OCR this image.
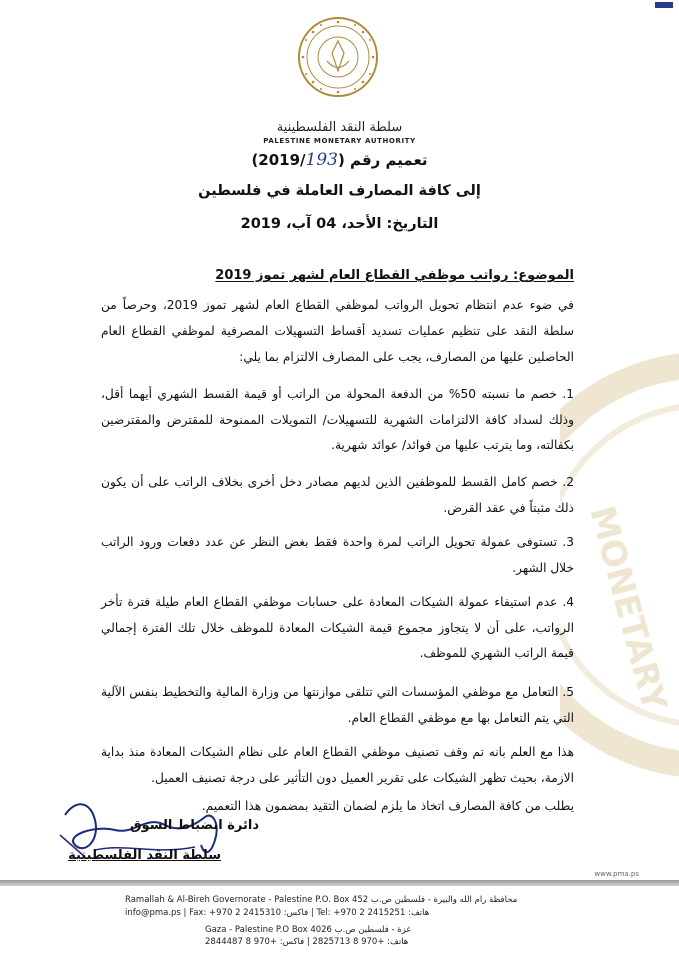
MONETARY
سلطة النقد الفلسطينية
PALESTINE MONETARY AUTHORITY
تعميم رقم (2019/193)
إلى كافة المصارف العاملة في فلسطين
التاريخ: الأحد، 04 آب، 2019
الموضوع: رواتب موظفي القطاع العام لشهر تموز 2019
في ضوء عدم انتظام تحويل الرواتب لموظفي القطاع العام لشهر تموز 2019، وحرصاً من سلطة النقد على تنظيم عمليات تسديد أقساط التسهيلات المصرفية لموظفي القطاع العام الحاصلين عليها من المصارف، يجب على المصارف الالتزام بما يلي:
1. خصم ما نسبته 50% من الدفعة المحولة من الراتب أو قيمة القسط الشهري أيهما أقل، وذلك لسداد كافة الالتزامات الشهرية للتسهيلات/ التمويلات الممنوحة للمقترض والمقترضين بكفالته، وما يترتب عليها من فوائد/ عوائد شهرية.
2. خصم كامل القسط للموظفين الذين لديهم مصادر دخل أخرى بخلاف الراتب على أن يكون ذلك مثبتاً في عقد القرض.
3. تستوفى عمولة تحويل الراتب لمرة واحدة فقط بغض النظر عن عدد دفعات ورود الراتب خلال الشهر.
4. عدم استيفاء عمولة الشيكات المعادة على حسابات موظفي القطاع العام طيلة فترة تأخر الرواتب، على أن لا يتجاوز مجموع قيمة الشيكات المعادة للموظف خلال تلك الفترة إجمالي قيمة الراتب الشهري للموظف.
5. التعامل مع موظفي المؤسسات التي تتلقى موازنتها من وزارة المالية والتخطيط بنفس الآلية التي يتم التعامل بها مع موظفي القطاع العام.
هذا مع العلم بانه تم وقف تصنيف موظفي القطاع العام على نظام الشيكات المعادة منذ بداية الازمة، بحيث تظهر الشيكات على تقرير العميل دون التأثير على درجة تصنيف العميل.
يطلب من كافة المصارف اتخاذ ما يلزم لضمان التقيد بمضمون هذا التعميم.
دائرة انضباط السوق
سلطة النقد الفلسطينية
www.pma.ps
Ramallah & Al-Bireh Governorate - Palestine P.O. Box 452 محافظة رام الله والبيرة - فلسطين ص.ب
info@pma.ps | Fax: +970 2 2415310 :فاكس | Tel: +970 2 2415251 :هاتف
Gaza - Palestine P.O Box 4026 غزة - فلسطين ص.ب
هاتف: +970 8 2825713 | فاكس: +970 8 2844487
